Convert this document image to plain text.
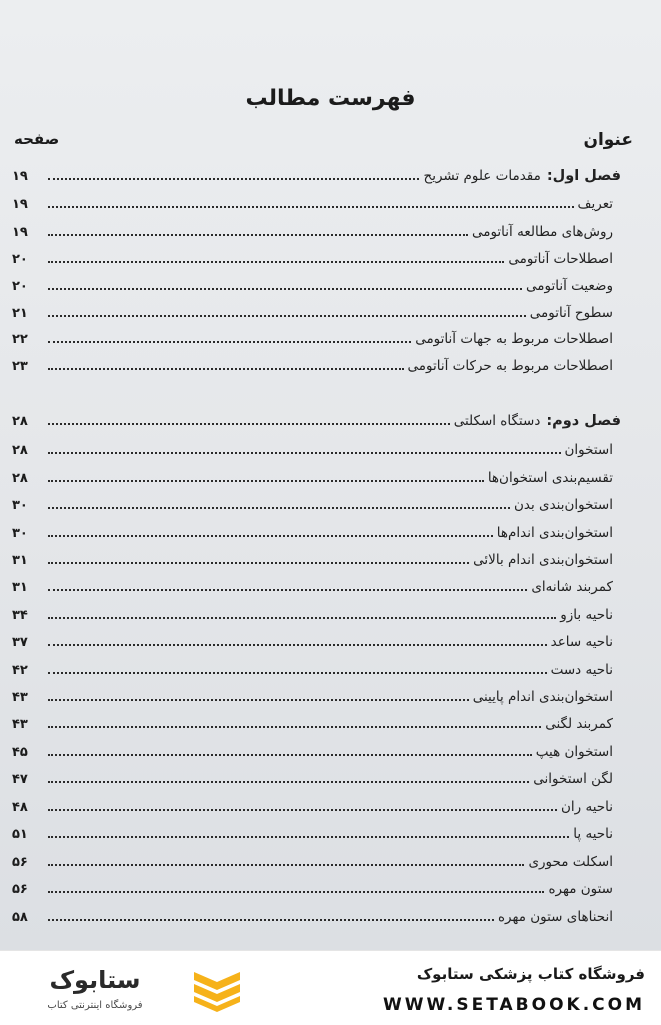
فهرست مطالب
عنوان
صفحه
فصل اول:
مقدمات علوم تشریح
۱۹
تعریف
۱۹
روش‌های مطالعه آناتومی
۱۹
اصطلاحات آناتومی
۲۰
وضعیت آناتومی
۲۰
سطوح آناتومی
۲۱
اصطلاحات مربوط به جهات آناتومی
۲۲
اصطلاحات مربوط به حرکات آناتومی
۲۳
فصل دوم:
دستگاه اسکلتی
۲۸
استخوان
۲۸
تقسیم‌بندی استخوان‌ها
۲۸
استخوان‌بندی بدن
۳۰
استخوان‌بندی اندام‌ها
۳۰
استخوان‌بندی اندام بالائی
۳۱
کمربند شانه‌ای
۳۱
ناحیه بازو
۳۴
ناحیه ساعد
۳۷
ناحیه دست
۴۲
استخوان‌بندی اندام پایینی
۴۳
کمربند لگنی
۴۳
استخوان هیپ
۴۵
لگن استخوانی
۴۷
ناحیه ران
۴۸
ناحیه پا
۵۱
اسکلت محوری
۵۶
ستون مهره
۵۶
انحناهای ستون مهره
۵۸
فروشگاه کتاب پزشکی ستابوک
WWW.SETABOOK.COM
ستابوک
فروشگاه اینترنتی کتاب
